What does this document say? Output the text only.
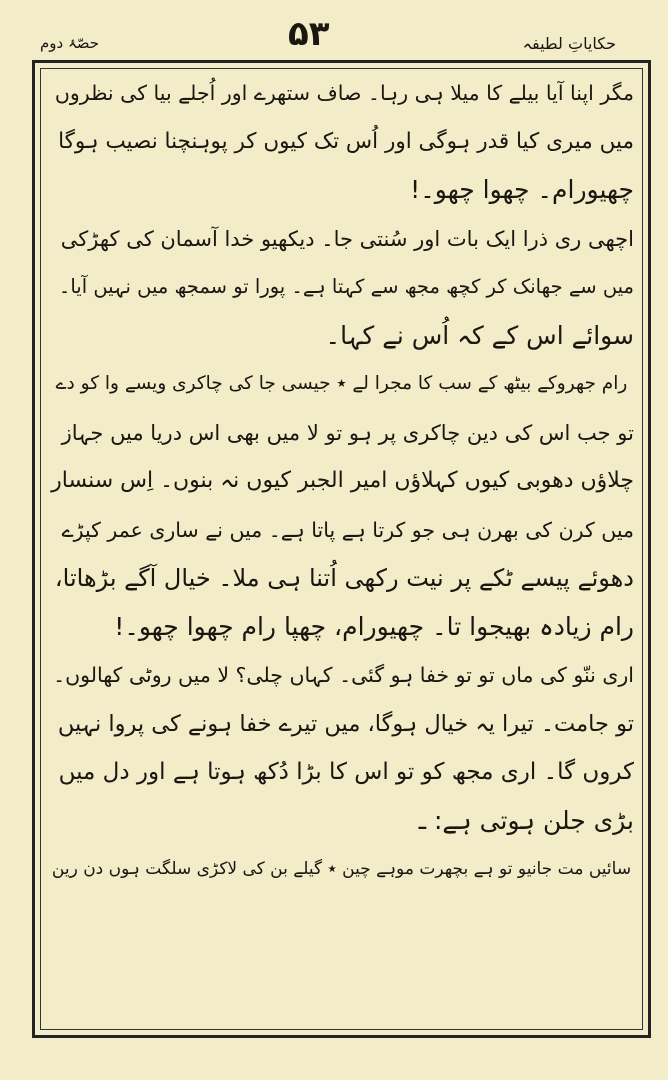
حصّۂ دوم	۵۳	حکایاتِ لطیفہ
مگر اپنا آیا بیلے کا میلا ہی رہا۔ صاف ستھرے اور اُجلے بیا کی نظروں
میں میری کیا قدر ہوگی اور اُس تک کیوں کر پوہنچنا نصیب ہوگا
چھیورام۔ چھوا چھو۔!
اچھی ری ذرا ایک بات اور سُنتی جا۔ دیکھیو خدا آسمان کی کھڑکی
میں سے جھانک کر کچھ مجھ سے کہتا ہے۔ پورا تو سمجھ میں نہیں آیا۔
سوائے اس کے کہ اُس نے کہا۔
رام جھروکے بیٹھ کے سب کا مجرا لے ٭ جیسی جا کی چاکری ویسے وا کو دے
تو جب اس کی دین چاکری پر ہو تو لا میں بھی اس دریا میں جہاز
چلاؤں دھوبی کیوں کہلاؤں امیر الجبر کیوں نہ بنوں۔ اِس سنسار
میں کرن کی بھرن ہی جو کرتا ہے پاتا ہے۔ میں نے ساری عمر کپڑے
دھوئے پیسے ٹکے پر نیت رکھی اُتنا ہی ملا۔ خیال آگے بڑھاتا،
رام زیادہ بھیجوا تا۔ چھیورام، چھپا رام چھوا چھو۔!
اری ننّو کی ماں تو تو خفا ہو گئی۔ کہاں چلی؟ لا میں روٹی کھالوں۔
تو جامت۔ تیرا یہ خیال ہوگا، میں تیرے خفا ہونے کی پروا نہیں
کروں گا۔ اری مجھ کو تو اس کا بڑا دُکھ ہوتا ہے اور دل میں
بڑی جلن ہوتی ہے: ـ
سائیں مت جانیو تو ہے بچھرت موہے چین ٭ گیلے بن کی لاکڑی سلگت ہوں دن رین
